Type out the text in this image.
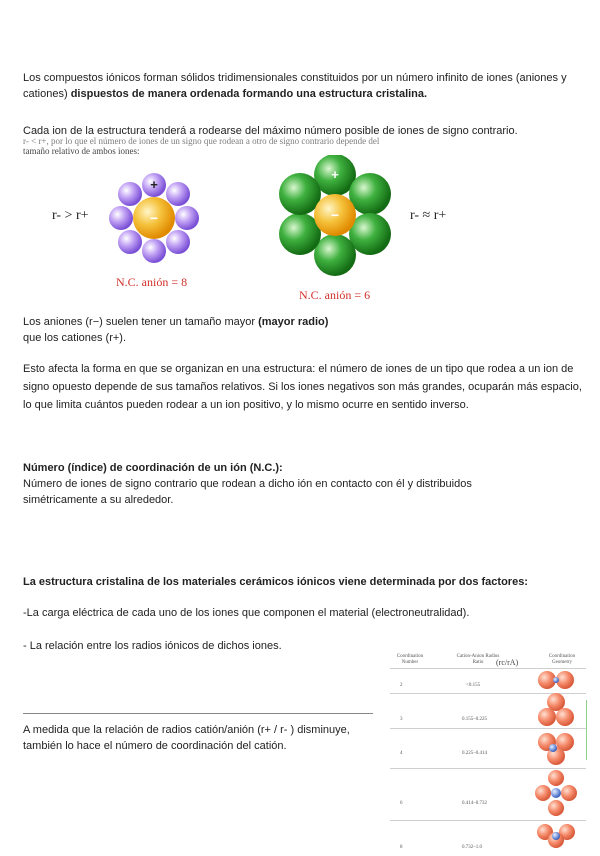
Los compuestos iónicos forman sólidos tridimensionales constituidos por un número infinito de iones (aniones y cationes) dispuestos de manera ordenada formando una estructura cristalina.
Cada ion de la estructura tenderá a rodearse del máximo número posible de iones de signo contrario.
r- < r+, por lo que el número de iones de un signo que rodean a otro de signo contrario depende del
tamaño relativo de ambos iones:
r- > r+	r- ≈ r+
+
−
+
−
N.C. anión = 8
N.C. anión = 6
Los aniones (r−) suelen tener un tamaño mayor (mayor radio)
que los cationes (r+).
Esto afecta la forma en que se organizan en una estructura: el número de iones de un tipo que rodea a un ion de signo opuesto depende de sus tamaños relativos. Si los iones negativos son más grandes, ocuparán más espacio, lo que limita cuántos pueden rodear a un ion positivo, y lo mismo ocurre en sentido inverso.
Número (índice) de coordinación de un ión (N.C.):
Número de iones de signo contrario que rodean a dicho ión en contacto con él y distribuidos simétricamente a su alrededor.
La estructura cristalina de los materiales cerámicos iónicos viene determinada por dos factores:
-La carga eléctrica de cada uno de los iones que componen el material (electroneutralidad).
- La relación entre los radios iónicos de dichos iones.
A medida que la relación de radios catión/anión (r+ / r- ) disminuye, también lo hace el número de coordinación del catión.
Coordination Number
Cation-Anion Radius Ratio	(rc/rA)
Coordination Geometry
2	<0.155
3	0.155–0.225
4	0.225–0.414
6	0.414–0.732
8	0.732–1.0
